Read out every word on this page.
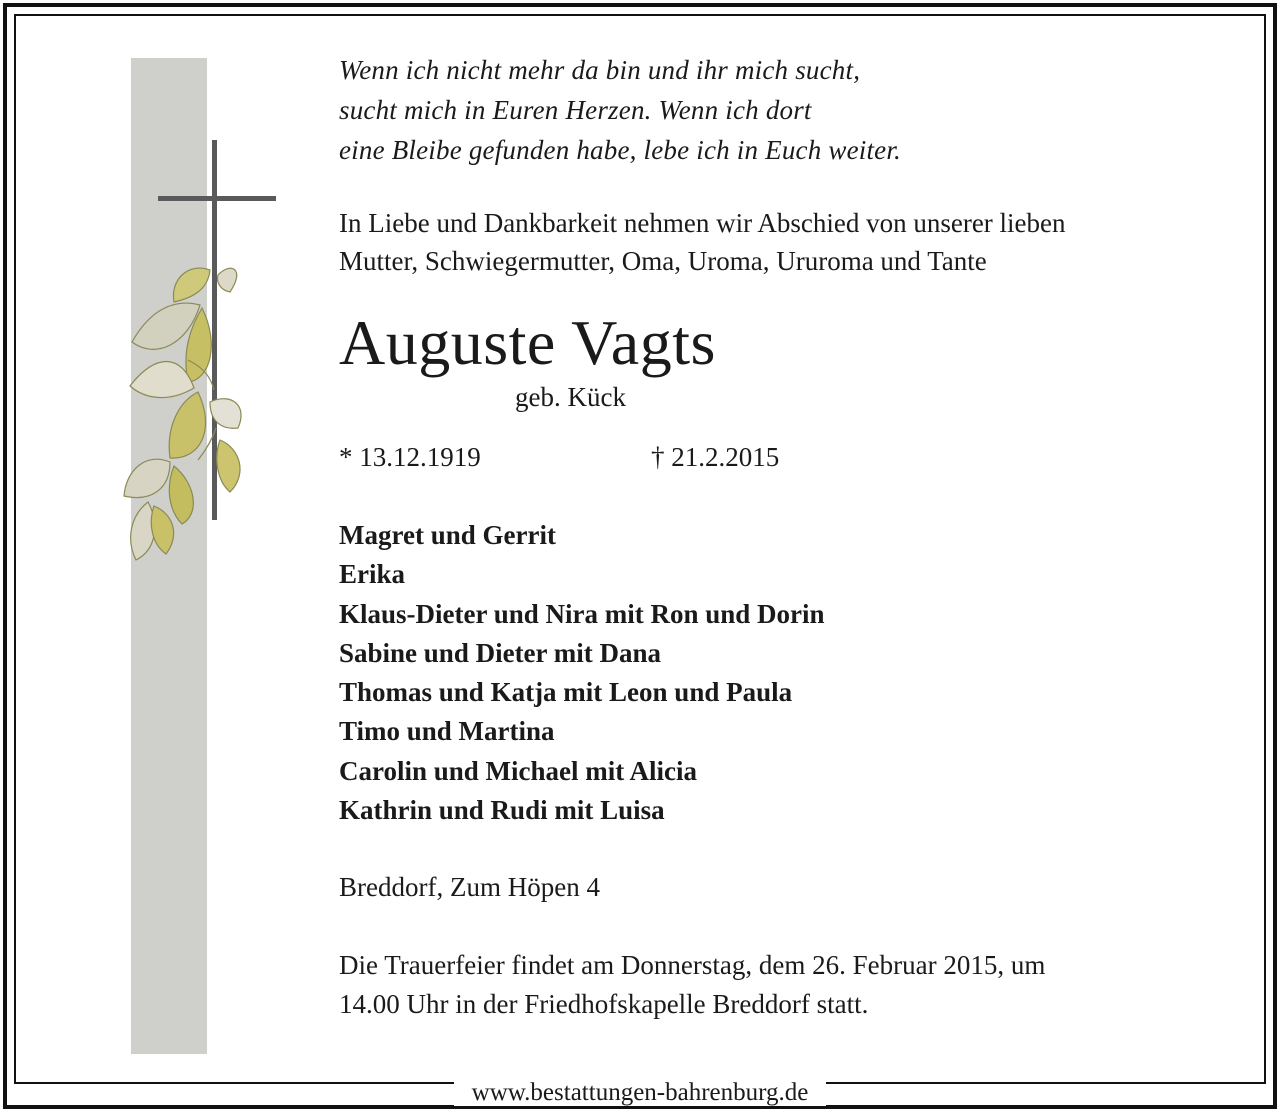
Wenn ich nicht mehr da bin und ihr mich sucht,
sucht mich in Euren Herzen. Wenn ich dort
eine Bleibe gefunden habe, lebe ich in Euch weiter.
In Liebe und Dankbarkeit nehmen wir Abschied von unserer lieben
Mutter, Schwiegermutter, Oma, Uroma, Ururoma und Tante
Auguste Vagts
geb. Kück
* 13.12.1919	† 21.2.2015
Magret und Gerrit
Erika
Klaus-Dieter und Nira mit Ron und Dorin
Sabine und Dieter mit Dana
Thomas und Katja mit Leon und Paula
Timo und Martina
Carolin und Michael mit Alicia
Kathrin und Rudi mit Luisa
Breddorf, Zum Höpen 4
Die Trauerfeier findet am Donnerstag, dem 26. Februar 2015, um
14.00 Uhr in der Friedhofskapelle Breddorf statt.
www.bestattungen-bahrenburg.de
